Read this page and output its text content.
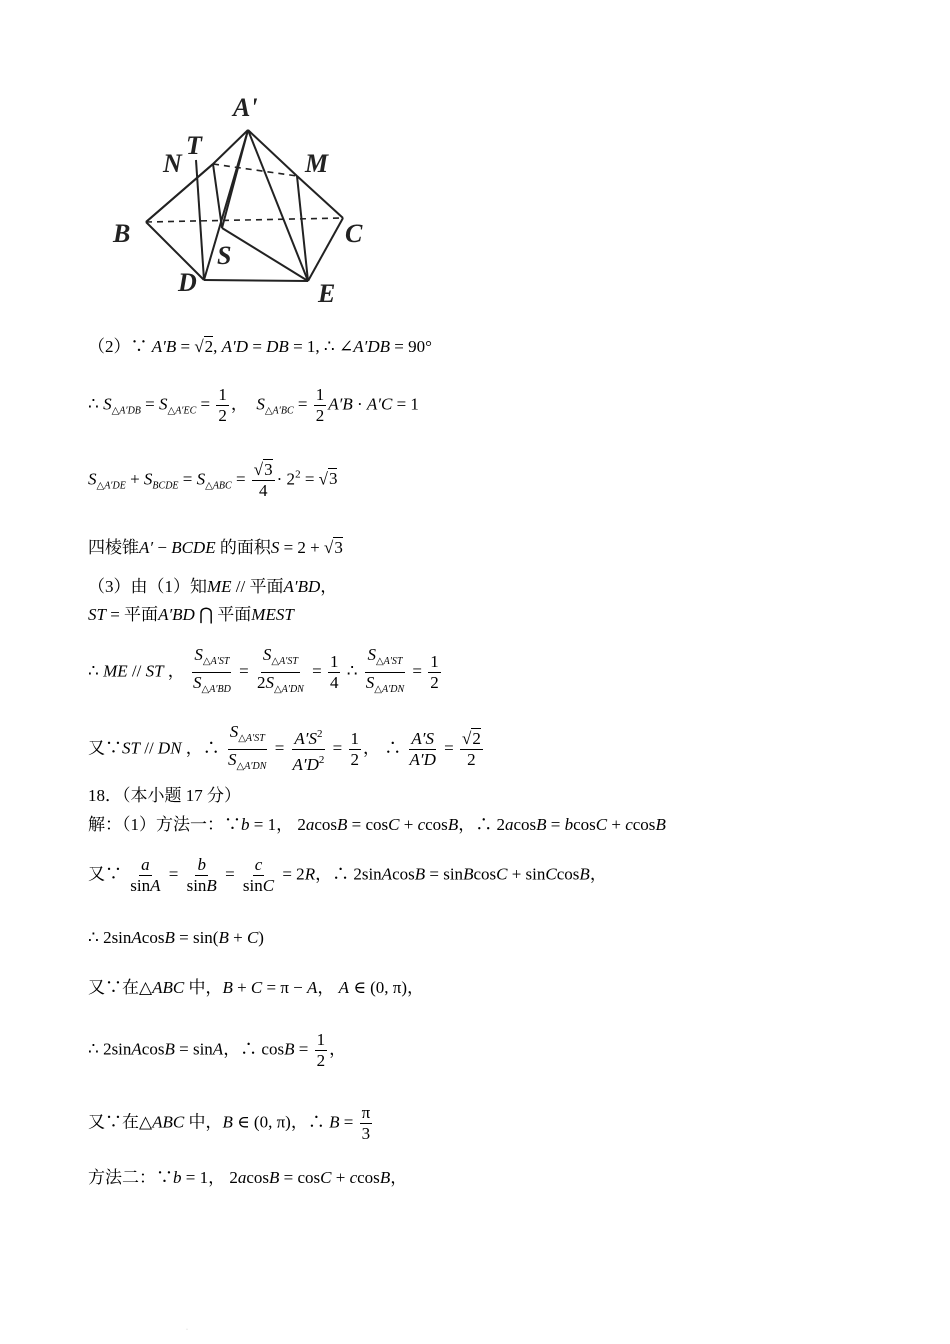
A'
N
T
M
B	C
S
D	E
（2）∵ A′B = √2, A′D = DB = 1, ∴ ∠A′DB = 90°
∴ $S_{\triangle A'DB} = S_{\triangle A'EC} = \frac{1}{2}$ ，  $S_{\triangle A'BC} = \frac{1}{2} A'B \cdot A'C = 1$
$S_{\triangle A'DE} + S_{BCDE} = S_{\triangle ABC} = \frac{√3}{4} \cdot 2^2 = √3$
四棱锥A′ − BCDE 的面积S = 2 + √3
（3）由（1）知ME // 平面A′BD，
ST = 平面A′BD ⋂ 平面MEST
∴ ME // ST ， $\frac{S_{\triangle A'ST}}{S_{\triangle A'BD}} = \frac{S_{\triangle A'ST}}{2S_{\triangle A'DN}} = \frac{1}{4}$ ∴ $\frac{S_{\triangle A'ST}}{S_{\triangle A'DN}} = \frac{1}{2}$
又∵ST // DN ，∴ $\frac{S_{\triangle A'ST}}{S_{\triangle A'DN}} = \frac{A'S^2}{A'D^2} = \frac{1}{2}$ ， ∴ $\frac{A'S}{A'D} = \frac{√2}{2}$
18．（本小题 17 分）
解：（1）方法一：∵b = 1， 2acosB = cosC + ccosB，∴ 2acosB = bcosC + ccosB
又∵ $\frac{a}{\sin A} = \frac{b}{\sin B} = \frac{c}{\sin C} = 2R$，∴ 2sinAcosB = sinBcosC + sinCcosB，
∴ 2sinAcosB = sin(B + C)
又∵在△ABC 中，B + C = π − A， A ∈ (0, π)，
∴ 2sinAcosB = sinA，∴ $\cos B = \frac{1}{2}$ ，
又∵在△ABC 中，B ∈ (0, π)，∴ $B = \frac{\pi}{3}$
方法二：∵b = 1， 2acosB = cosC + ccosB，
·
